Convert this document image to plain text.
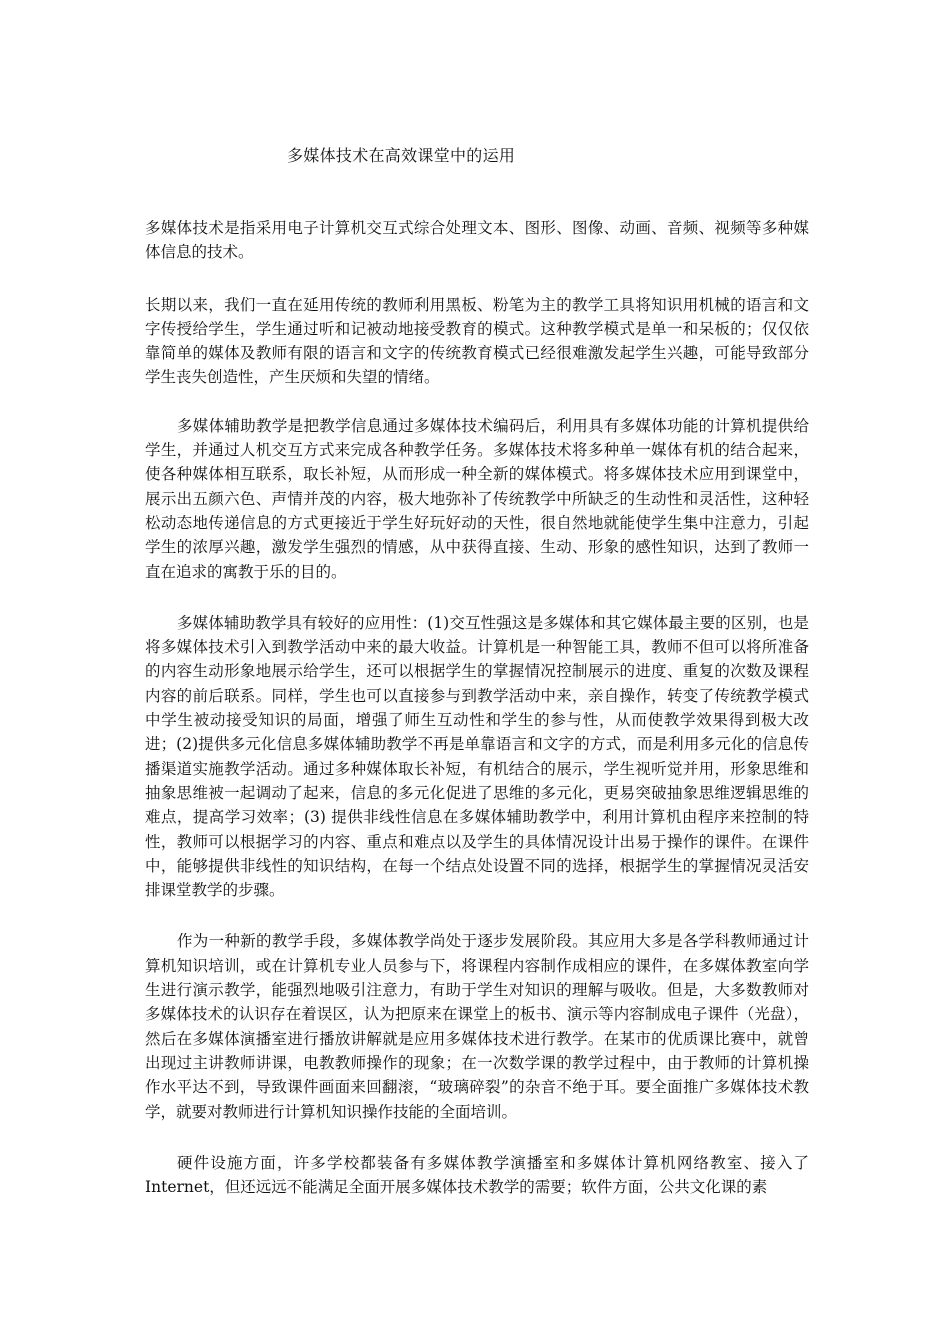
多媒体技术在高效课堂中的运用

多媒体技术是指采用电子计算机交互式综合处理文本、图形、图像、动画、音频、视频等多种媒体信息的技术。

长期以来，我们一直在延用传统的教师利用黑板、粉笔为主的教学工具将知识用机械的语言和文字传授给学生，学生通过听和记被动地接受教育的模式。这种教学模式是单一和呆板的；仅仅依靠简单的媒体及教师有限的语言和文字的传统教育模式已经很难激发起学生兴趣，可能导致部分学生丧失创造性，产生厌烦和失望的情绪。

多媒体辅助教学是把教学信息通过多媒体技术编码后，利用具有多媒体功能的计算机提供给学生，并通过人机交互方式来完成各种教学任务。多媒体技术将多种单一媒体有机的结合起来，使各种媒体相互联系，取长补短，从而形成一种全新的媒体模式。将多媒体技术应用到课堂中，展示出五颜六色、声情并茂的内容，极大地弥补了传统教学中所缺乏的生动性和灵活性，这种轻松动态地传递信息的方式更接近于学生好玩好动的天性，很自然地就能使学生集中注意力，引起学生的浓厚兴趣，激发学生强烈的情感，从中获得直接、生动、形象的感性知识，达到了教师一直在追求的寓教于乐的目的。

多媒体辅助教学具有较好的应用性：(1)交互性强这是多媒体和其它媒体最主要的区别，也是将多媒体技术引入到教学活动中来的最大收益。计算机是一种智能工具，教师不但可以将所准备的内容生动形象地展示给学生，还可以根据学生的掌握情况控制展示的进度、重复的次数及课程内容的前后联系。同样，学生也可以直接参与到教学活动中来，亲自操作，转变了传统教学模式中学生被动接受知识的局面，增强了师生互动性和学生的参与性，从而使教学效果得到极大改进；(2)提供多元化信息多媒体辅助教学不再是单靠语言和文字的方式，而是利用多元化的信息传播渠道实施教学活动。通过多种媒体取长补短，有机结合的展示，学生视听觉并用，形象思维和抽象思维被一起调动了起来，信息的多元化促进了思维的多元化，更易突破抽象思维逻辑思维的难点，提高学习效率；(3) 提供非线性信息在多媒体辅助教学中，利用计算机由程序来控制的特性，教师可以根据学习的内容、重点和难点以及学生的具体情况设计出易于操作的课件。在课件中，能够提供非线性的知识结构，在每一个结点处设置不同的选择，根据学生的掌握情况灵活安排课堂教学的步骤。

作为一种新的教学手段，多媒体教学尚处于逐步发展阶段。其应用大多是各学科教师通过计算机知识培训，或在计算机专业人员参与下，将课程内容制作成相应的课件，在多媒体教室向学生进行演示教学，能强烈地吸引注意力，有助于学生对知识的理解与吸收。但是，大多数教师对多媒体技术的认识存在着误区，认为把原来在课堂上的板书、演示等内容制成电子课件（光盘），然后在多媒体演播室进行播放讲解就是应用多媒体技术进行教学。在某市的优质课比赛中，就曾出现过主讲教师讲课，电教教师操作的现象；在一次数学课的教学过程中，由于教师的计算机操作水平达不到，导致课件画面来回翻滚，“玻璃碎裂”的杂音不绝于耳。要全面推广多媒体技术教学，就要对教师进行计算机知识操作技能的全面培训。

硬件设施方面，许多学校都装备有多媒体教学演播室和多媒体计算机网络教室、接入了Internet，但还远远不能满足全面开展多媒体技术教学的需要；软件方面，公共文化课的素
